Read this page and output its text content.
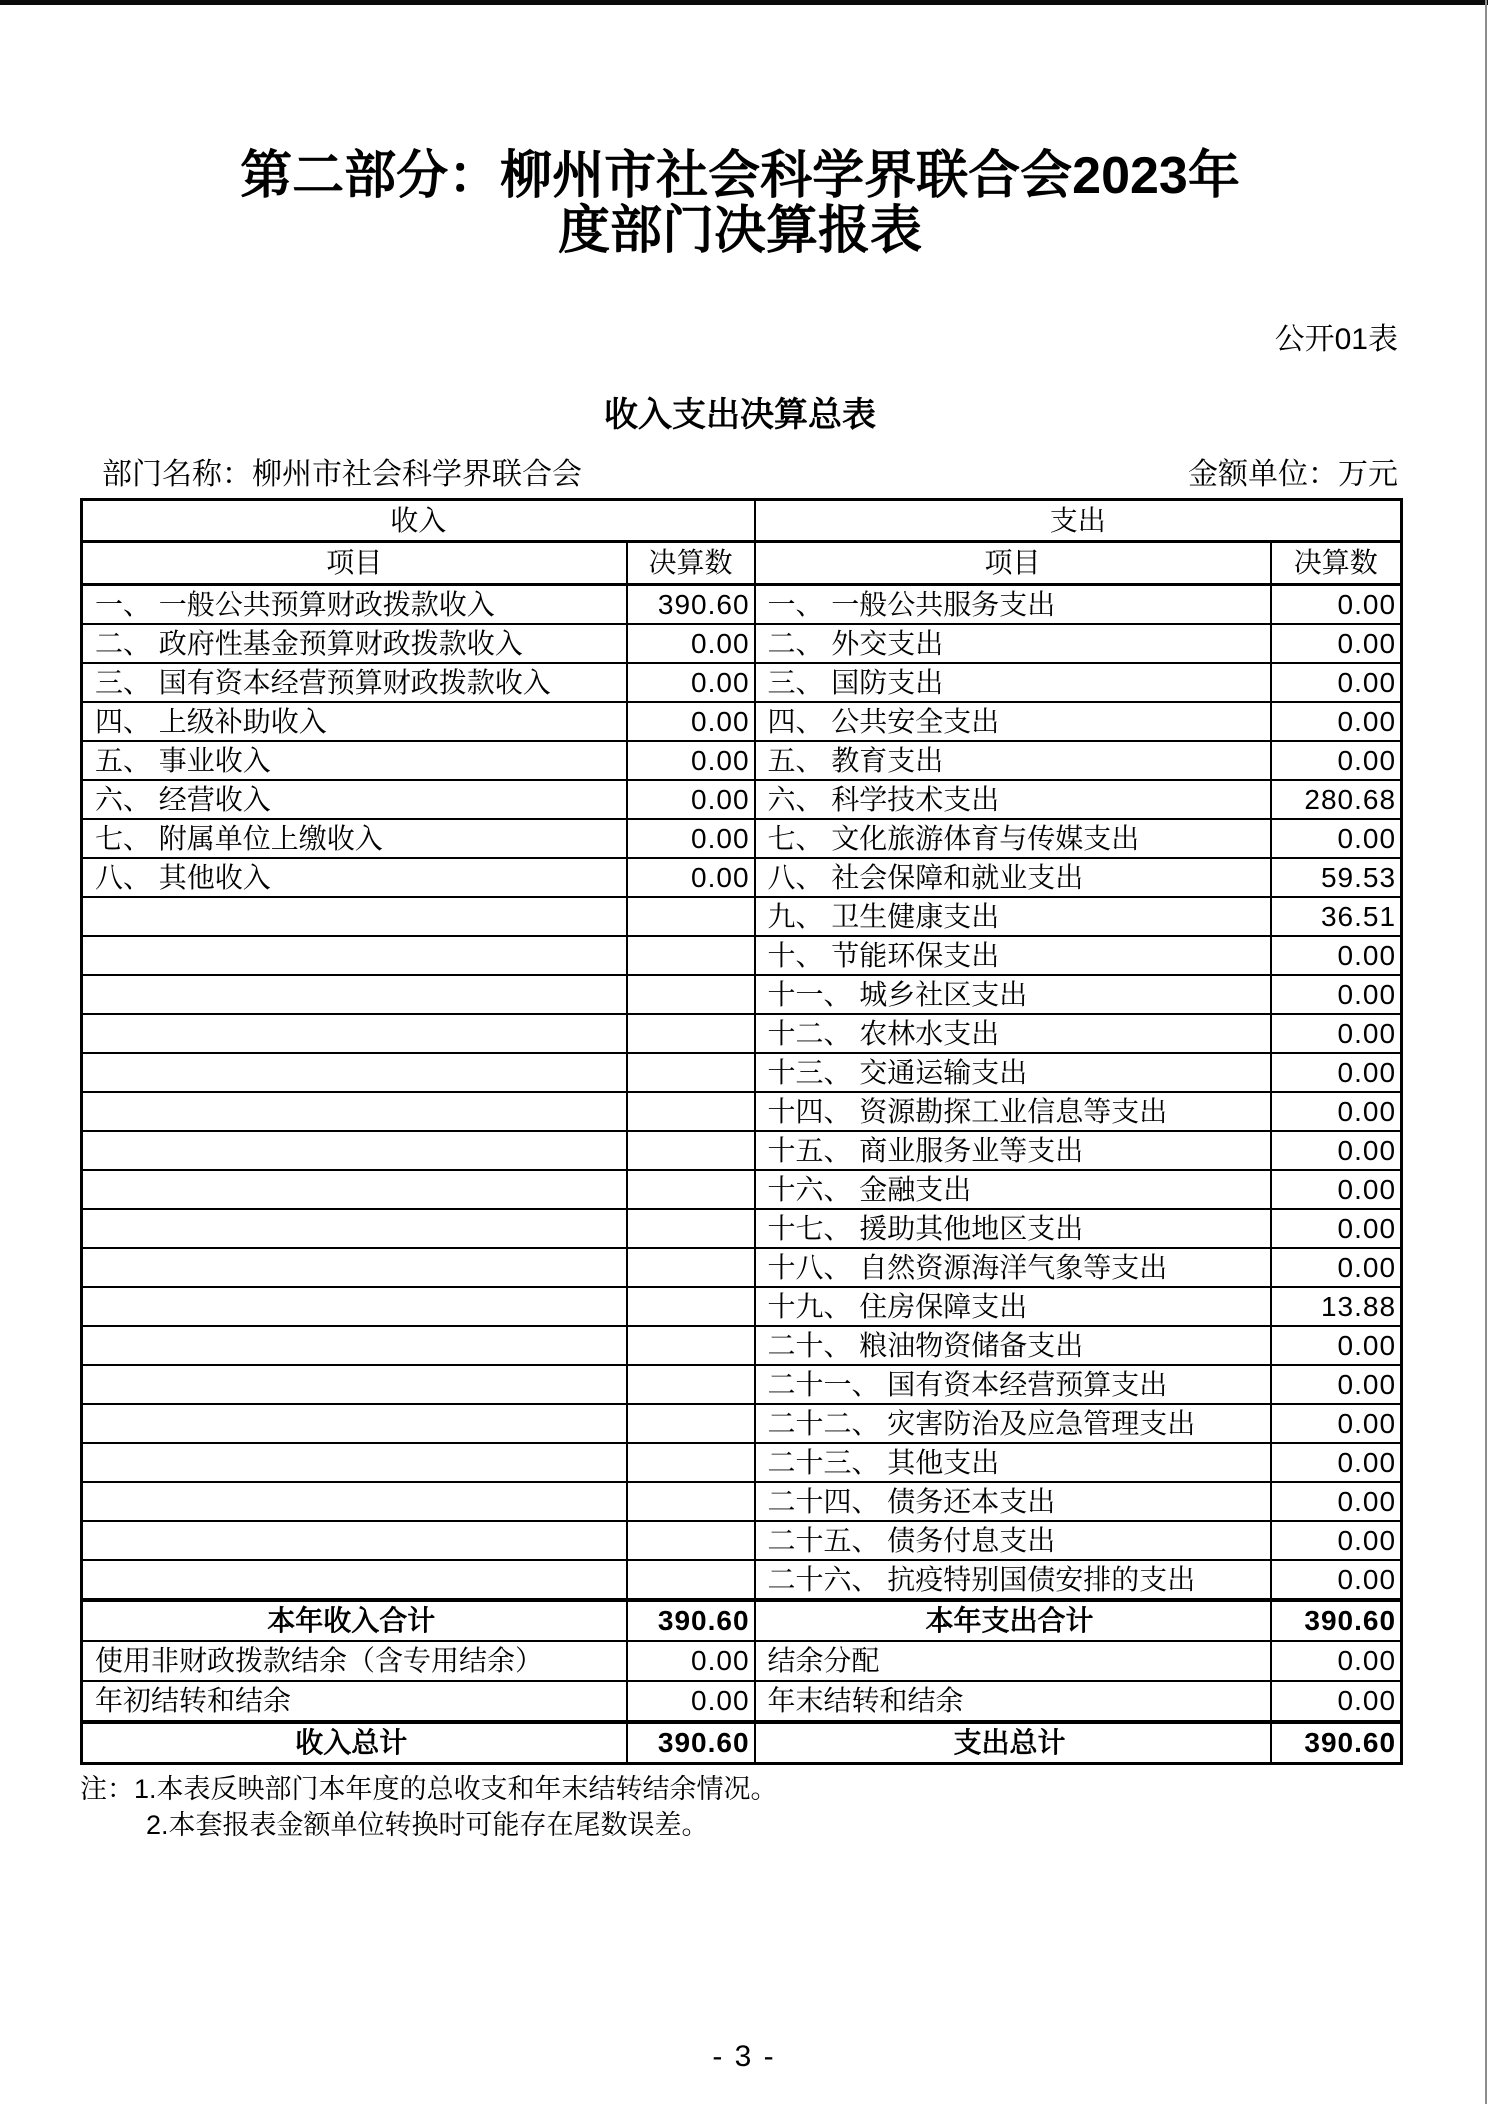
第二部分：柳州市社会科学界联合会2023年
度部门决算报表
公开01表
收入支出决算总表
部门名称：柳州市社会科学界联合会	金额单位：万元
收入		支出	
项目	决算数	项目	决算数
一、 一般公共预算财政拨款收入	390.60	一、 一般公共服务支出	0.00
二、 政府性基金预算财政拨款收入	0.00	二、 外交支出	0.00
三、 国有资本经营预算财政拨款收入	0.00	三、 国防支出	0.00
四、 上级补助收入	0.00	四、 公共安全支出	0.00
五、 事业收入	0.00	五、 教育支出	0.00
六、 经营收入	0.00	六、 科学技术支出	280.68
七、 附属单位上缴收入	0.00	七、 文化旅游体育与传媒支出	0.00
八、 其他收入	0.00	八、 社会保障和就业支出	59.53
		九、 卫生健康支出	36.51
		十、 节能环保支出	0.00
		十一、 城乡社区支出	0.00
		十二、 农林水支出	0.00
		十三、 交通运输支出	0.00
		十四、 资源勘探工业信息等支出	0.00
		十五、 商业服务业等支出	0.00
		十六、 金融支出	0.00
		十七、 援助其他地区支出	0.00
		十八、 自然资源海洋气象等支出	0.00
		十九、 住房保障支出	13.88
		二十、 粮油物资储备支出	0.00
		二十一、 国有资本经营预算支出	0.00
		二十二、 灾害防治及应急管理支出	0.00
		二十三、 其他支出	0.00
		二十四、 债务还本支出	0.00
		二十五、 债务付息支出	0.00
		二十六、 抗疫特别国债安排的支出	0.00
本年收入合计	390.60	本年支出合计	390.60
使用非财政拨款结余（含专用结余）	0.00	结余分配	0.00
年初结转和结余	0.00	年末结转和结余	0.00
收入总计	390.60	支出总计	390.60
注：1.本表反映部门本年度的总收支和年末结转结余情况。
2.本套报表金额单位转换时可能存在尾数误差。
- 3 -
